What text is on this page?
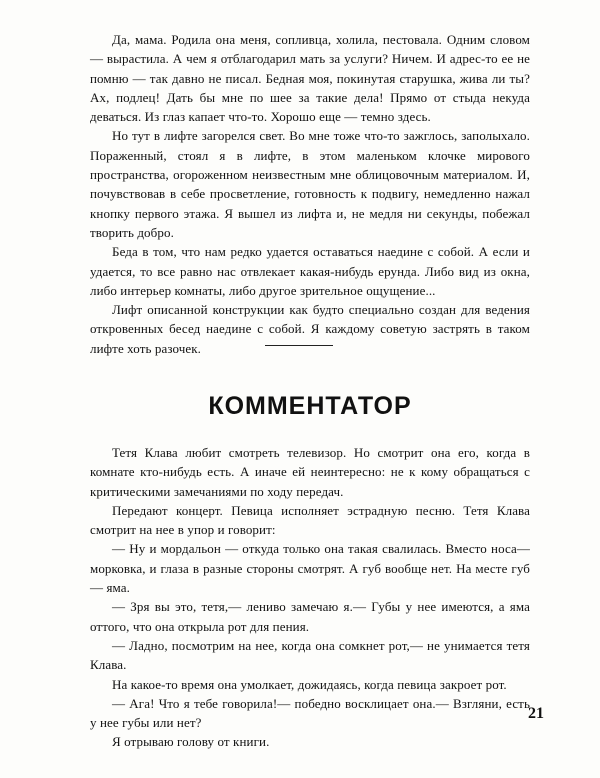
Да, мама. Родила она меня, сопливца, холила, пестовала. Одним словом — вырастила. А чем я отблагодарил мать за услуги? Ничем. И адрес-то ее не помню — так давно не писал. Бедная моя, покинутая старушка, жива ли ты? Ах, подлец! Дать бы мне по шее за такие дела! Прямо от стыда некуда деваться. Из глаз капает что-то. Хорошо еще — темно здесь.

Но тут в лифте загорелся свет. Во мне тоже что-то зажглось, заполыхало. Пораженный, стоял я в лифте, в этом маленьком клочке мирового пространства, огороженном неизвестным мне облицовочным материалом. И, почувствовав в себе просветление, готовность к подвигу, немедленно нажал кнопку первого этажа. Я вышел из лифта и, не медля ни секунды, побежал творить добро.

Беда в том, что нам редко удается оставаться наедине с собой. А если и удается, то все равно нас отвлекает какая-нибудь ерунда. Либо вид из окна, либо интерьер комнаты, либо другое зрительное ощущение...

Лифт описанной конструкции как будто специально создан для ведения откровенных бесед наедине с собой. Я каждому советую застрять в таком лифте хоть разочек.

КОММЕНТАТОР

Тетя Клава любит смотреть телевизор. Но смотрит она его, когда в комнате кто-нибудь есть. А иначе ей неинтересно: не к кому обращаться с критическими замечаниями по ходу передач.

Передают концерт. Певица исполняет эстрадную песню. Тетя Клава смотрит на нее в упор и говорит:

— Ну и мордальон — откуда только она такая свалилась. Вместо носа—морковка, и глаза в разные стороны смотрят. А губ вообще нет. На месте губ — яма.

— Зря вы это, тетя,— лениво замечаю я.— Губы у нее имеются, а яма оттого, что она открыла рот для пения.

— Ладно, посмотрим на нее, когда она сомкнет рот,— не унимается тетя Клава.

На какое-то время она умолкает, дожидаясь, когда певица закроет рот.

— Ага! Что я тебе говорила!— победно восклицает она.— Взгляни, есть у нее губы или нет?

Я отрываю голову от книги.

21
